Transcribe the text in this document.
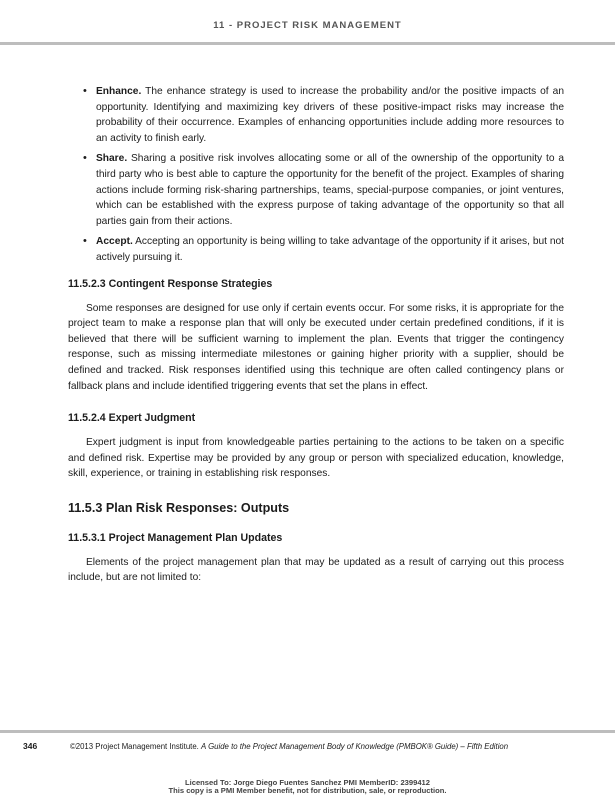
11 - PROJECT RISK MANAGEMENT
• Enhance. The enhance strategy is used to increase the probability and/or the positive impacts of an opportunity. Identifying and maximizing key drivers of these positive-impact risks may increase the probability of their occurrence. Examples of enhancing opportunities include adding more resources to an activity to finish early.
• Share. Sharing a positive risk involves allocating some or all of the ownership of the opportunity to a third party who is best able to capture the opportunity for the benefit of the project. Examples of sharing actions include forming risk-sharing partnerships, teams, special-purpose companies, or joint ventures, which can be established with the express purpose of taking advantage of the opportunity so that all parties gain from their actions.
• Accept. Accepting an opportunity is being willing to take advantage of the opportunity if it arises, but not actively pursuing it.
11.5.2.3 Contingent Response Strategies

Some responses are designed for use only if certain events occur. For some risks, it is appropriate for the project team to make a response plan that will only be executed under certain predefined conditions, if it is believed that there will be sufficient warning to implement the plan. Events that trigger the contingency response, such as missing intermediate milestones or gaining higher priority with a supplier, should be defined and tracked. Risk responses identified using this technique are often called contingency plans or fallback plans and include identified triggering events that set the plans in effect.

11.5.2.4 Expert Judgment

Expert judgment is input from knowledgeable parties pertaining to the actions to be taken on a specific and defined risk. Expertise may be provided by any group or person with specialized education, knowledge, skill, experience, or training in establishing risk responses.

11.5.3 Plan Risk Responses: Outputs
11.5.3.1 Project Management Plan Updates

Elements of the project management plan that may be updated as a result of carrying out this process include, but are not limited to:

346	©2013 Project Management Institute. A Guide to the Project Management Body of Knowledge (PMBOK® Guide) – Fifth Edition
Licensed To: Jorge Diego Fuentes Sanchez PMI MemberID: 2399412
This copy is a PMI Member benefit, not for distribution, sale, or reproduction.
